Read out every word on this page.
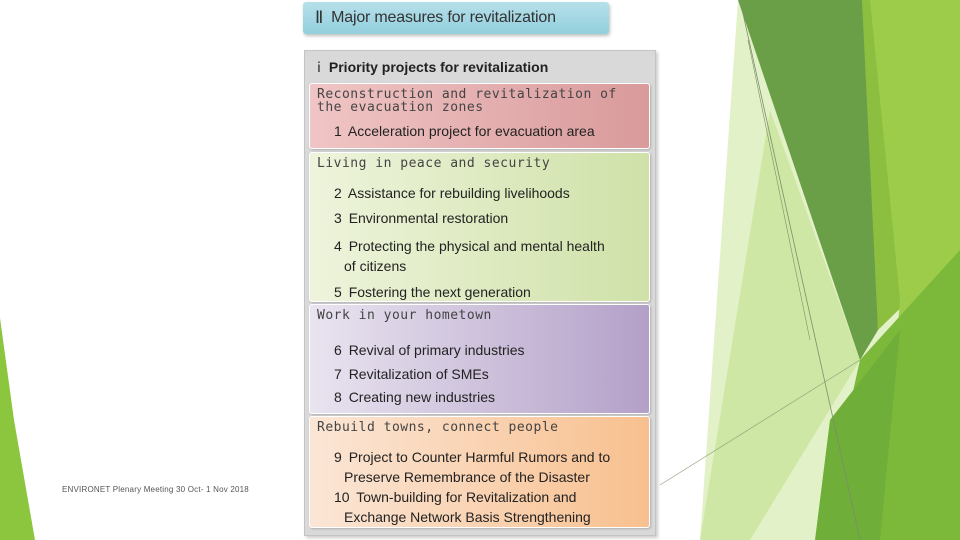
Ⅱ Major measures for revitalization
ⅰ Priority projects for revitalization
Reconstruction and revitalization of the evacuation zones
1 Acceleration project for evacuation area
Living in peace and security
2 Assistance for rebuilding livelihoods
3 Environmental restoration
4 Protecting the physical and mental health
of citizens
5 Fostering the next generation
Work in your hometown
6 Revival of primary industries
7 Revitalization of SMEs
8 Creating new industries
Rebuild towns, connect people
9 Project to Counter Harmful Rumors and to
Preserve Remembrance of the Disaster
10 Town-building for Revitalization and
Exchange Network Basis Strengthening
ENVIRONET Plenary Meeting 30 Oct- 1 Nov 2018
